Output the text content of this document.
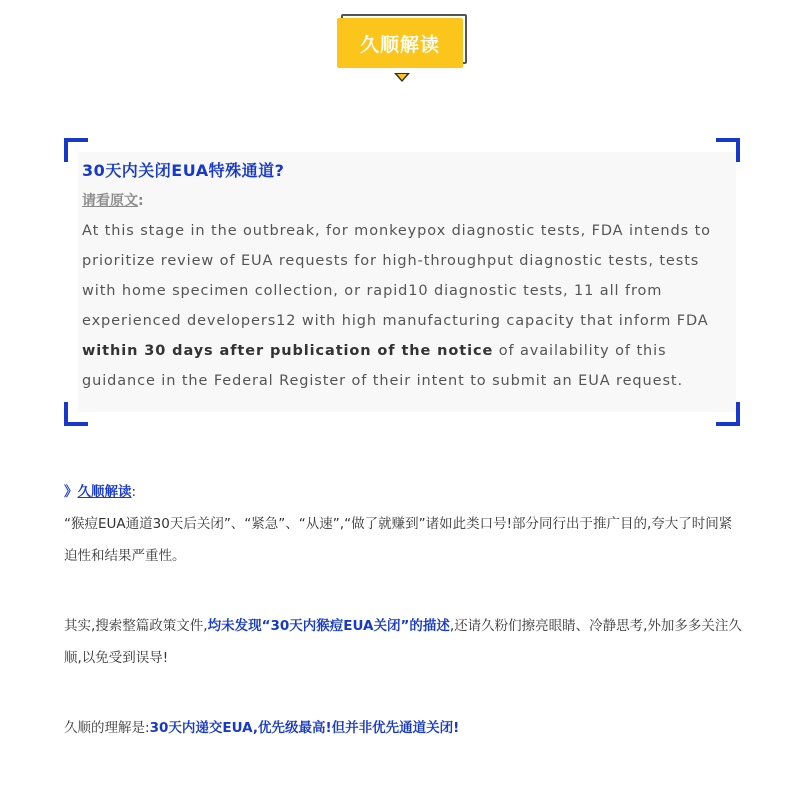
久顺解读
30天内关闭EUA特殊通道?
请看原文:

At this stage in the outbreak, for monkeypox diagnostic tests, FDA intends to prioritize review of EUA requests for high-throughput diagnostic tests, tests with home specimen collection, or rapid10 diagnostic tests, 11 all from experienced developers12 with high manufacturing capacity that inform FDA within 30 days after publication of the notice of availability of this guidance in the Federal Register of their intent to submit an EUA request.

》久顺解读:

“猴痘EUA通道30天后关闭”、“紧急”、“从速”,“做了就赚到”诸如此类口号!部分同行出于推广目的,夸大了时间紧迫性和结果严重性。

其实,搜索整篇政策文件,均未发现“30天内猴痘EUA关闭”的描述,还请久粉们擦亮眼睛、冷静思考,外加多多关注久顺,以免受到误导!

久顺的理解是:30天内递交EUA,优先级最高!但并非优先通道关闭!
